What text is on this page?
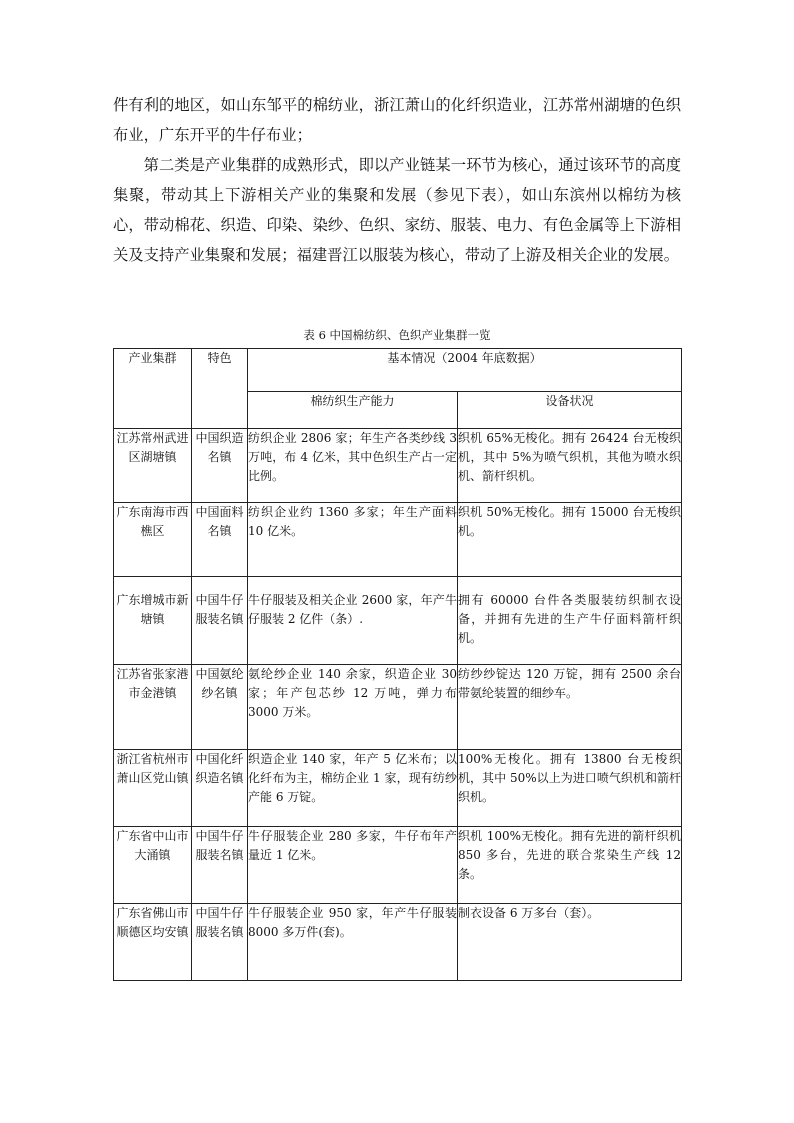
件有利的地区，如山东邹平的棉纺业，浙江萧山的化纤织造业，江苏常州湖塘的色织布业，广东开平的牛仔布业；

第二类是产业集群的成熟形式，即以产业链某一环节为核心，通过该环节的高度集聚，带动其上下游相关产业的集聚和发展（参见下表），如山东滨州以棉纺为核心，带动棉花、织造、印染、染纱、色织、家纺、服装、电力、有色金属等上下游相关及支持产业集聚和发展；福建晋江以服装为核心，带动了上游及相关企业的发展。

表 6 中国棉纺织、色织产业集群一览
产业集群	特色	基本情况（2004 年底数据）	
		棉纺织生产能力	设备状况
江苏常州武进区湖塘镇	中国织造名镇	纺织企业 2806 家；年生产各类纱线 3 万吨，布 4 亿米，其中色织生产占一定比例。	织机 65%无梭化。拥有 26424 台无梭织机，其中 5%为喷气织机，其他为喷水织机、箭杆织机。
广东南海市西樵区	中国面料名镇	纺织企业约 1360 多家；年生产面料 10 亿米。	织机 50%无梭化。拥有 15000 台无梭织机。
广东增城市新塘镇	中国牛仔服装名镇	牛仔服装及相关企业 2600 家，年产牛仔服装 2 亿件（条）.	拥有 60000 台件各类服装纺织制衣设备，并拥有先进的生产牛仔面料箭杆织机。
江苏省张家港市金港镇	中国氨纶纱名镇	氨纶纱企业 140 余家，织造企业 30 家；年产包芯纱 12 万吨，弹力布 3000 万米。	纺纱纱锭达 120 万锭，拥有 2500 余台带氨纶装置的细纱车。
浙江省杭州市萧山区党山镇	中国化纤织造名镇	织造企业 140 家，年产 5 亿米布；以化纤布为主，棉纺企业 1 家，现有纺纱产能 6 万锭。	100%无梭化。拥有 13800 台无梭织机，其中 50%以上为进口喷气织机和箭杆织机。
广东省中山市大涌镇	中国牛仔服装名镇	牛仔服装企业 280 多家，牛仔布年产量近 1 亿米。	织机 100%无梭化。拥有先进的箭杆织机 850 多台，先进的联合浆染生产线 12 条。
广东省佛山市顺德区均安镇	中国牛仔服装名镇	牛仔服装企业 950 家，年产牛仔服装 8000 多万件(套)。	制衣设备 6 万多台（套）。
